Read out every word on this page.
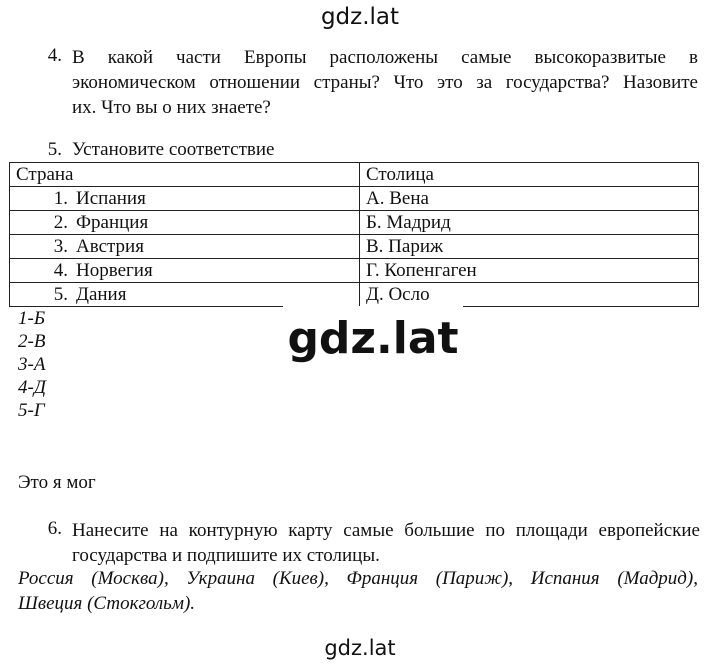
gdz.lat
4. В какой части Европы расположены самые высокоразвитые в
экономическом отношении страны? Что это за государства? Назовите
их. Что вы о них знаете?
5. Установите соответствие
Страна	Столица
1. Испания	А. Вена
2. Франция	Б. Мадрид
3. Австрия	В. Париж
4. Норвегия	Г. Копенгаген
5. Дания	Д. Осло
gdz.lat
1-Б
2-В
3-А
4-Д
5-Г
Это я мог
6. Нанесите на контурную карту самые большие по площади европейские
государства и подпишите их столицы.
Россия (Москва), Украина (Киев), Франция (Париж), Испания (Мадрид),
Швеция (Стокгольм).
gdz.lat
